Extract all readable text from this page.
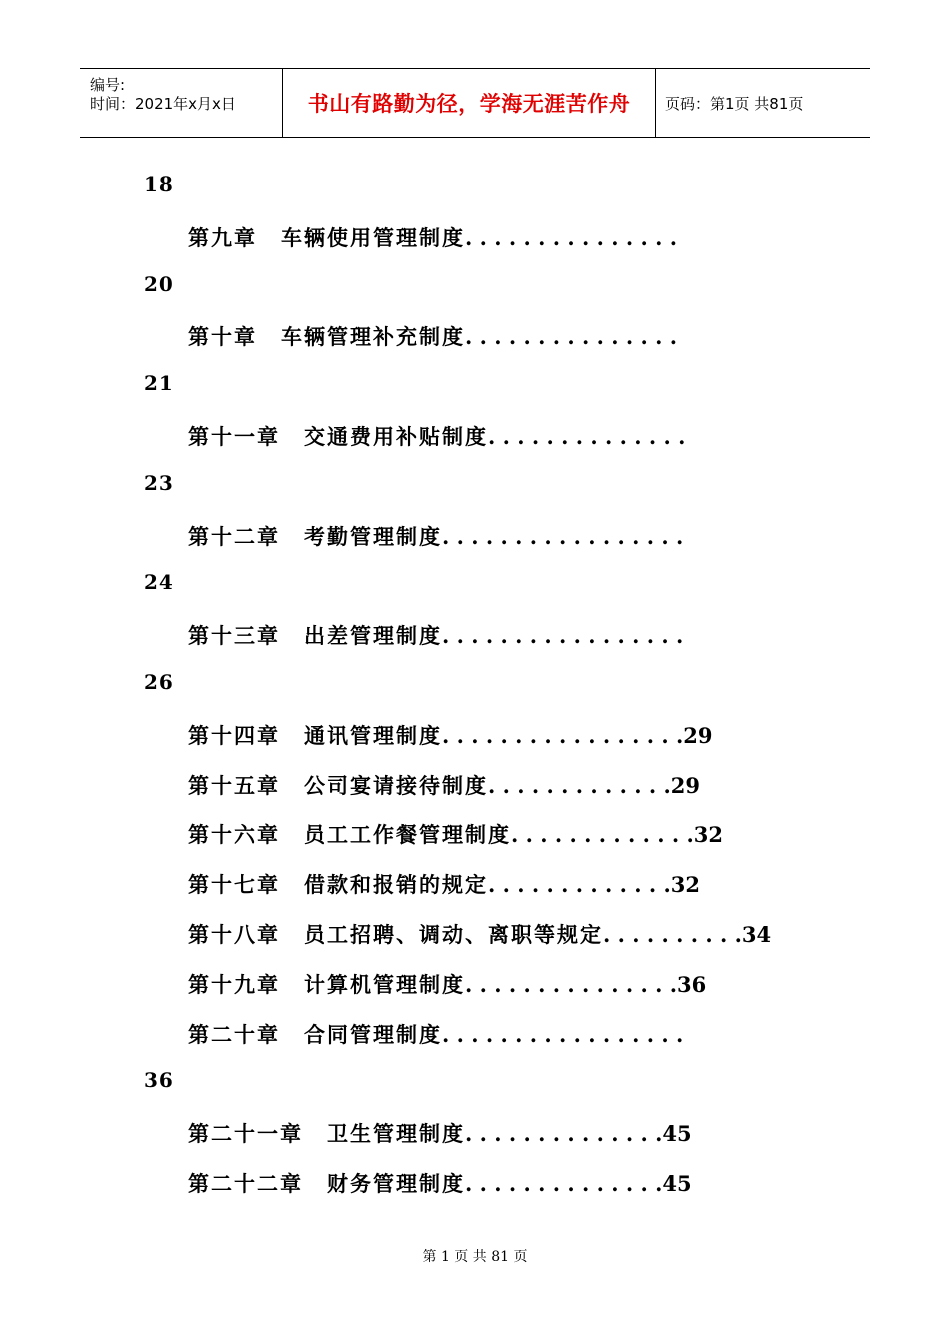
编号:
时间：2021年x月x日	书山有路勤为径，学海无涯苦作舟	页码：第1页 共81页
18
第九章 车辆使用管理制度 . . . . . . . . . . . . . . .
20
第十章 车辆管理补充制度 . . . . . . . . . . . . . . .
21
第十一章 交通费用补贴制度 . . . . . . . . . . . . . .
23
第十二章 考勤管理制度 . . . . . . . . . . . . . . . . .
24
第十三章 出差管理制度 . . . . . . . . . . . . . . . . .
26
第十四章 通讯管理制度 . . . . . . . . . . . . . . . . . 29
第十五章 公司宴请接待制度 . . . . . . . . . . . . . 29
第十六章 员工工作餐管理制度 . . . . . . . . . . . . . 32
第十七章 借款和报销的规定 . . . . . . . . . . . . . 32
第十八章 员工招聘、调动、离职等规定 . . . . . . . . . . 34
第十九章 计算机管理制度 . . . . . . . . . . . . . . . 36
第二十章 合同管理制度 . . . . . . . . . . . . . . . . .
36
第二十一章 卫生管理制度 . . . . . . . . . . . . . . 45
第二十二章 财务管理制度 . . . . . . . . . . . . . . 45
第 1 页 共 81 页
